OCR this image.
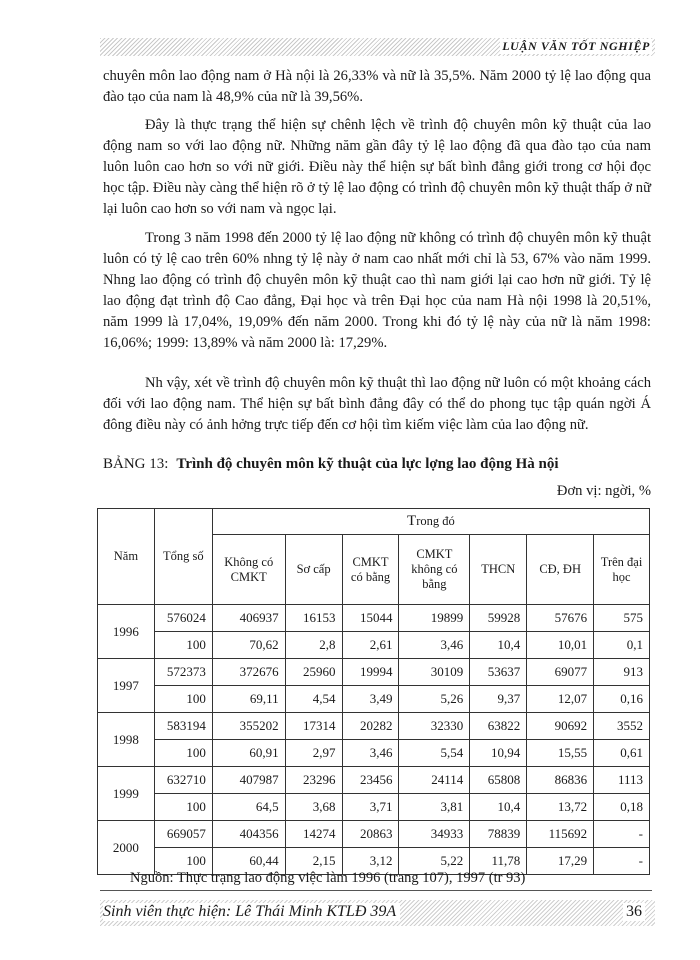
LUẬN VĂN TỐT NGHIỆP

chuyên môn lao động nam ở Hà nội là 26,33% và nữ là 35,5%. Năm 2000 tỷ lệ lao động qua đào tạo của nam là 48,9% của nữ là 39,56%.

Đây là thực trạng thể hiện sự chênh lệch về trình độ chuyên môn kỹ thuật của lao động nam so với lao động nữ. Những năm gần đây tỷ lệ lao động đã qua đào tạo của nam luôn luôn cao hơn so với nữ giới. Điều này thể hiện sự bất bình đẳng giới trong cơ hội đọc học tập. Điều này càng thể hiện rõ ở tỷ lệ lao động có trình độ chuyên môn kỹ thuật thấp ở nữ lại luôn cao hơn so với nam và ngọc lại.

Trong 3 năm 1998 đến 2000 tỷ lệ lao động nữ không có trình độ chuyên môn kỹ thuật luôn có tỷ lệ cao trên 60% nhng tỷ lệ này ở nam cao nhất mới chỉ là 53, 67% vào năm 1999. Nhng lao động có trình độ chuyên môn kỹ thuật cao thì nam giới lại cao hơn nữ giới. Tỷ lệ lao động đạt trình độ Cao đẳng, Đại học và trên Đại học của nam Hà nội 1998 là 20,51%, năm 1999 là 17,04%, 19,09% đến năm 2000. Trong khi đó tỷ lệ này của nữ là năm 1998: 16,06%; 1999: 13,89% và năm 2000 là: 17,29%.

Nh vậy, xét về trình độ chuyên môn kỹ thuật thì lao động nữ luôn có một khoảng cách đối với lao động nam. Thể hiện sự bất bình đẳng đây có thể do phong tục tập quán ngời Á đông điều này có ảnh hởng trực tiếp đến cơ hội tìm kiếm việc làm của lao động nữ.

BẢNG 13: Trình độ chuyên môn kỹ thuật của lực lợng lao động Hà nội
Đơn vị: ngời, %
Năm	Tổng số	Trong đó						
		Không có CMKT	Sơ cấp	CMKT có bằng	CMKT không có bằng	THCN	CĐ, ĐH	Trên đại học
1996	576024	406937	16153	15044	19899	59928	57676	575
	100	70,62	2,8	2,61	3,46	10,4	10,01	0,1
1997	572373	372676	25960	19994	30109	53637	69077	913
	100	69,11	4,54	3,49	5,26	9,37	12,07	0,16
1998	583194	355202	17314	20282	32330	63822	90692	3552
	100	60,91	2,97	3,46	5,54	10,94	15,55	0,61
1999	632710	407987	23296	23456	24114	65808	86836	1113
	100	64,5	3,68	3,71	3,81	10,4	13,72	0,18
2000	669057	404356	14274	20863	34933	78839	115692	-
	100	60,44	2,15	3,12	5,22	11,78	17,29	-
Nguồn: Thực trạng lao động việc làm 1996 (trang 107), 1997 (tr 93)
Sinh viên thực hiện: Lê Thái Minh KTLĐ 39A	36
